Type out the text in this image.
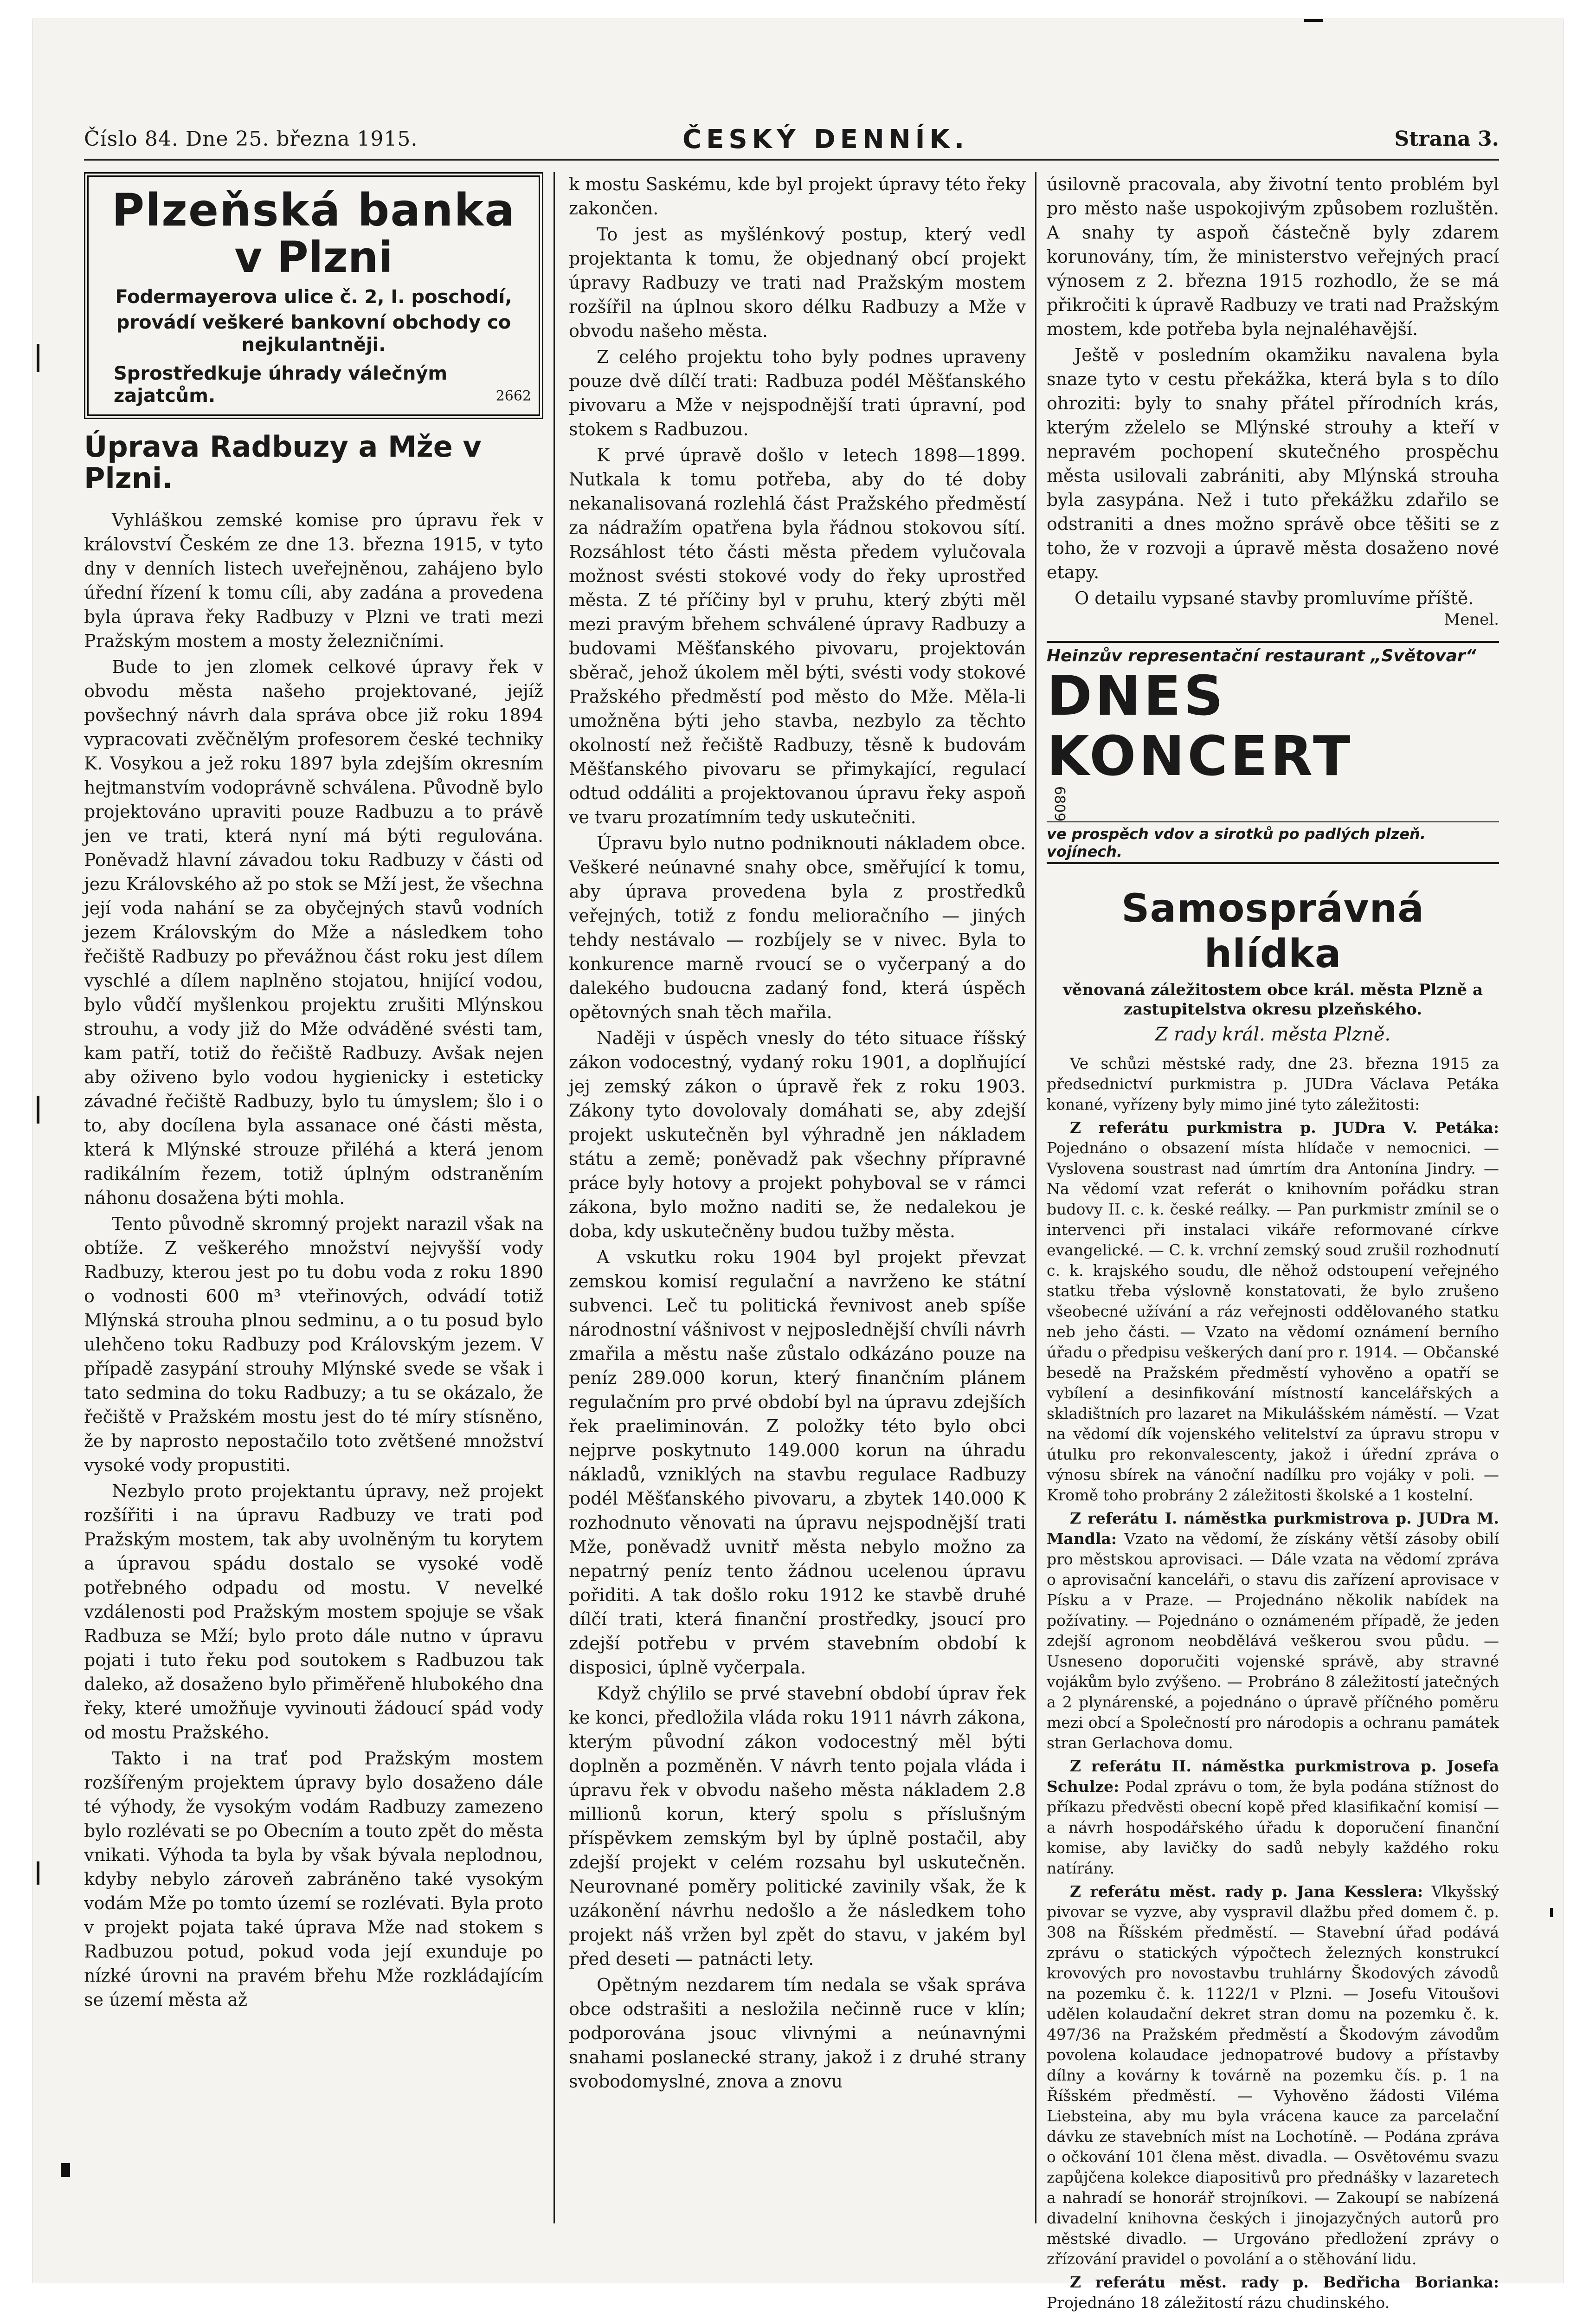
Číslo 84. Dne 25. března 1915.	ČESKÝ DENNÍK.	Strana 3.
Plzeňská banka
v Plzni
Fodermayerova ulice č. 2, I. poschodí,
provádí veškeré bankovní obchody co nejkulantněji.
Sprostředkuje úhrady válečným zajatcům.	2662
Úprava Radbuzy a Mže v Plzni.

Vyhláškou zemské komise pro úpravu řek v království Českém ze dne 13. března 1915, v tyto dny v denních listech uveřejněnou, zahájeno bylo úřední řízení k tomu cíli, aby zadána a provedena byla úprava řeky Radbuzy v Plzni ve trati mezi Pražským mostem a mosty železničními.

Bude to jen zlomek celkové úpravy řek v obvodu města našeho projektované, jejíž povšechný návrh dala správa obce již roku 1894 vypracovati zvěčnělým profesorem české techniky K. Vosykou a jež roku 1897 byla zdejším okresním hejtmanstvím vodoprávně schválena. Původně bylo projektováno upraviti pouze Radbuzu a to právě jen ve trati, která nyní má býti regulována. Poněvadž hlavní závadou toku Radbuzy v části od jezu Královského až po stok se Mží jest, že všechna její voda nahání se za obyčejných stavů vodních jezem Královským do Mže a následkem toho řečiště Radbuzy po převážnou část roku jest dílem vyschlé a dílem naplněno stojatou, hnijící vodou, bylo vůdčí myšlenkou projektu zrušiti Mlýnskou strouhu, a vody již do Mže odváděné svésti tam, kam patří, totiž do řečiště Radbuzy. Avšak nejen aby oživeno bylo vodou hygienicky i esteticky závadné řečiště Radbuzy, bylo tu úmyslem; šlo i o to, aby docílena byla assanace oné části města, která k Mlýnské strouze přiléhá a která jenom radikálním řezem, totiž úplným odstraněním náhonu dosažena býti mohla.

Tento původně skromný projekt narazil však na obtíže. Z veškerého množství nejvyšší vody Radbuzy, kterou jest po tu dobu voda z roku 1890 o vodnosti 600 m³ vteřinových, odvádí totiž Mlýnská strouha plnou sedminu, a o tu posud bylo ulehčeno toku Radbuzy pod Královským jezem. V případě zasypání strouhy Mlýnské svede se však i tato sedmina do toku Radbuzy; a tu se okázalo, že řečiště v Pražském mostu jest do té míry stísněno, že by naprosto nepostačilo toto zvětšené množství vysoké vody propustiti.

Nezbylo proto projektantu úpravy, než projekt rozšířiti i na úpravu Radbuzy ve trati pod Pražským mostem, tak aby uvolněným tu korytem a úpravou spádu dostalo se vysoké vodě potřebného odpadu od mostu. V nevelké vzdálenosti pod Pražským mostem spojuje se však Radbuza se Mží; bylo proto dále nutno v úpravu pojati i tuto řeku pod soutokem s Radbuzou tak daleko, až dosaženo bylo přiměřeně hlubokého dna řeky, které umožňuje vyvinouti žádoucí spád vody od mostu Pražského.

Takto i na trať pod Pražským mostem rozšířeným projektem úpravy bylo dosaženo dále té výhody, že vysokým vodám Radbuzy zamezeno bylo rozlévati se po Obecním a touto zpět do města vnikati. Výhoda ta byla by však bývala neplodnou, kdyby nebylo zároveň zabráněno také vysokým vodám Mže po tomto území se rozlévati. Byla proto v projekt pojata také úprava Mže nad stokem s Radbuzou potud, pokud voda její exunduje po nízké úrovni na pravém břehu Mže rozkládajícím se území města až

k mostu Saskému, kde byl projekt úpravy této řeky zakončen.

To jest as myšlénkový postup, který vedl projektanta k tomu, že objednaný obcí projekt úpravy Radbuzy ve trati nad Pražským mostem rozšířil na úplnou skoro délku Radbuzy a Mže v obvodu našeho města.

Z celého projektu toho byly podnes upraveny pouze dvě dílčí trati: Radbuza podél Měšťanského pivovaru a Mže v nejspodnější trati úpravní, pod stokem s Radbuzou.

K prvé úpravě došlo v letech 1898—1899. Nutkala k tomu potřeba, aby do té doby nekanalisovaná rozlehlá část Pražského předměstí za nádražím opatřena byla řádnou stokovou sítí. Rozsáhlost této části města předem vylučovala možnost svésti stokové vody do řeky uprostřed města. Z té příčiny byl v pruhu, který zbýti měl mezi pravým břehem schválené úpravy Radbuzy a budovami Měšťanského pivovaru, projektován sběrač, jehož úkolem měl býti, svésti vody stokové Pražského předměstí pod město do Mže. Měla-li umožněna býti jeho stavba, nezbylo za těchto okolností než řečiště Radbuzy, těsně k budovám Měšťanského pivovaru se přimykající, regulací odtud oddáliti a projektovanou úpravu řeky aspoň ve tvaru prozatímním tedy uskutečniti.

Úpravu bylo nutno podniknouti nákladem obce. Veškeré neúnavné snahy obce, směřující k tomu, aby úprava provedena byla z prostředků veřejných, totiž z fondu melioračního — jiných tehdy nestávalo — rozbíjely se v nivec. Byla to konkurence marně rvoucí se o vyčerpaný a do dalekého budoucna zadaný fond, která úspěch opětovných snah těch mařila.

Naději v úspěch vnesly do této situace říšský zákon vodocestný, vydaný roku 1901, a doplňující jej zemský zákon o úpravě řek z roku 1903. Zákony tyto dovolovaly domáhati se, aby zdejší projekt uskutečněn byl výhradně jen nákladem státu a země; poněvadž pak všechny přípravné práce byly hotovy a projekt pohyboval se v rámci zákona, bylo možno naditi se, že nedalekou je doba, kdy uskutečněny budou tužby města.

A vskutku roku 1904 byl projekt převzat zemskou komisí regulační a navrženo ke státní subvenci. Leč tu politická řevnivost aneb spíše národnostní vášnivost v nejposlednější chvíli návrh zmařila a městu naše zůstalo odkázáno pouze na peníz 289.000 korun, který finančním plánem regulačním pro prvé období byl na úpravu zdejších řek praeliminován. Z položky této bylo obci nejprve poskytnuto 149.000 korun na úhradu nákladů, vzniklých na stavbu regulace Radbuzy podél Měšťanského pivovaru, a zbytek 140.000 K rozhodnuto věnovati na úpravu nejspodnější trati Mže, poněvadž uvnitř města nebylo možno za nepatrný peníz tento žádnou ucelenou úpravu pořiditi. A tak došlo roku 1912 ke stavbě druhé dílčí trati, která finanční prostředky, jsoucí pro zdejší potřebu v prvém stavebním období k disposici, úplně vyčerpala.

Když chýlilo se prvé stavební období úprav řek ke konci, předložila vláda roku 1911 návrh zákona, kterým původní zákon vodocestný měl býti doplněn a pozměněn. V návrh tento pojala vláda i úpravu řek v obvodu našeho města nákladem 2.8 millionů korun, který spolu s příslušným příspěvkem zemským byl by úplně postačil, aby zdejší projekt v celém rozsahu byl uskutečněn. Neurovnané poměry politické zavinily však, že k uzákonění návrhu nedošlo a že následkem toho projekt náš vržen byl zpět do stavu, v jakém byl před deseti — patnácti lety.

Opětným nezdarem tím nedala se však správa obce odstrašiti a nesložila nečinně ruce v klín; podporována jsouc vlivnými a neúnavnými snahami poslanecké strany, jakož i z druhé strany svobodomyslné, znova a znovu

úsilovně pracovala, aby životní tento problém byl pro město naše uspokojivým způsobem rozluštěn. A snahy ty aspoň částečně byly zdarem korunovány, tím, že ministerstvo veřejných prací výnosem z 2. března 1915 rozhodlo, že se má přikročiti k úpravě Radbuzy ve trati nad Pražským mostem, kde potřeba byla nejnaléhavější.

Ještě v posledním okamžiku navalena byla snaze tyto v cestu překážka, která byla s to dílo ohroziti: byly to snahy přátel přírodních krás, kterým zželelo se Mlýnské strouhy a kteří v nepravém pochopení skutečného prospěchu města usilovali zabrániti, aby Mlýnská strouha byla zasypána. Než i tuto překážku zdařilo se odstraniti a dnes možno správě obce těšiti se z toho, že v rozvoji a úpravě města dosaženo nové etapy.

O detailu vypsané stavby promluvíme příště.

Menel.
Heinzův representační restaurant „Světovar“
DNES KONCERT 6809
ve prospěch vdov a sirotků po padlých plzeň. vojínech.
Samosprávná hlídka
věnovaná záležitostem obce král. města Plzně a zastupitelstva okresu plzeňského.
Z rady král. města Plzně.

Ve schůzi městské rady, dne 23. března 1915 za předsednictví purkmistra p. JUDra Václava Petáka konané, vyřízeny byly mimo jiné tyto záležitosti:

Z referátu purkmistra p. JUDra V. Petáka: Pojednáno o obsazení místa hlídače v nemocnici. — Vyslovena soustrast nad úmrtím dra Antonína Jindry. — Na vědomí vzat referát o knihovním pořádku stran budovy II. c. k. české reálky. — Pan purkmistr zmínil se o intervenci při instalaci vikáře reformované církve evangelické. — C. k. vrchní zemský soud zrušil rozhodnutí c. k. krajského soudu, dle něhož odstoupení veřejného statku třeba výslovně konstatovati, že bylo zrušeno všeobecné užívání a ráz veřejnosti oddělovaného statku neb jeho části. — Vzato na vědomí oznámení berního úřadu o předpisu veškerých daní pro r. 1914. — Občanské besedě na Pražském předměstí vyhověno a opatří se vybílení a desinfikování místností kancelářských a skladištních pro lazaret na Mikulášském náměstí. — Vzat na vědomí dík vojenského velitelství za úpravu stropu v útulku pro rekonvalescenty, jakož i úřední zpráva o výnosu sbírek na vánoční nadílku pro vojáky v poli. — Kromě toho probrány 2 záležitosti školské a 1 kostelní.

Z referátu I. náměstka purkmistrova p. JUDra M. Mandla: Vzato na vědomí, že získány větší zásoby obilí pro městskou aprovisaci. — Dále vzata na vědomí zpráva o aprovisační kanceláři, o stavu dis zařízení aprovisace v Písku a v Praze. — Projednáno několik nabídek na požívatiny. — Pojednáno o oznámeném případě, že jeden zdejší agronom neobdělává veškerou svou půdu. — Usneseno doporučiti vojenské správě, aby stravné vojákům bylo zvýšeno. — Probráno 8 záležitostí jatečných a 2 plynárenské, a pojednáno o úpravě příčného poměru mezi obcí a Společností pro národopis a ochranu památek stran Gerlachova domu.

Z referátu II. náměstka purkmistrova p. Josefa Schulze: Podal zprávu o tom, že byla podána stížnost do příkazu předvěsti obecní kopě před klasifikační komisí — a návrh hospodářského úřadu k doporučení finanční komise, aby lavičky do sadů nebyly každého roku natírány.

Z referátu měst. rady p. Jana Kesslera: Vlkyšský pivovar se vyzve, aby vyspravil dlažbu před domem č. p. 308 na Říšském předměstí. — Stavební úřad podává zprávu o statických výpočtech železných konstrukcí krovových pro novostavbu truhlárny Škodových závodů na pozemku č. k. 1122/1 v Plzni. — Josefu Vitoušovi udělen kolaudační dekret stran domu na pozemku č. k. 497/36 na Pražském předměstí a Škodovým závodům povolena kolaudace jednopatrové budovy a přístavby dílny a kovárny k továrně na pozemku čís. p. 1 na Říšském předměstí. — Vyhověno žádosti Viléma Liebsteina, aby mu byla vrácena kauce za parcelační dávku ze stavebních míst na Lochotíně. — Podána zpráva o očkování 101 člena měst. divadla. — Osvětovému svazu zapůjčena kolekce diapositivů pro přednášky v lazaretech a nahradí se honorář strojníkovi. — Zakoupí se nabízená divadelní knihovna českých i jinojazyčných autorů pro městské divadlo. — Urgováno předložení zprávy o zřízování pravidel o povolání a o stěhování lidu.

Z referátu měst. rady p. Bedřicha Borianka: Projednáno 18 záležitostí rázu chudinského.
